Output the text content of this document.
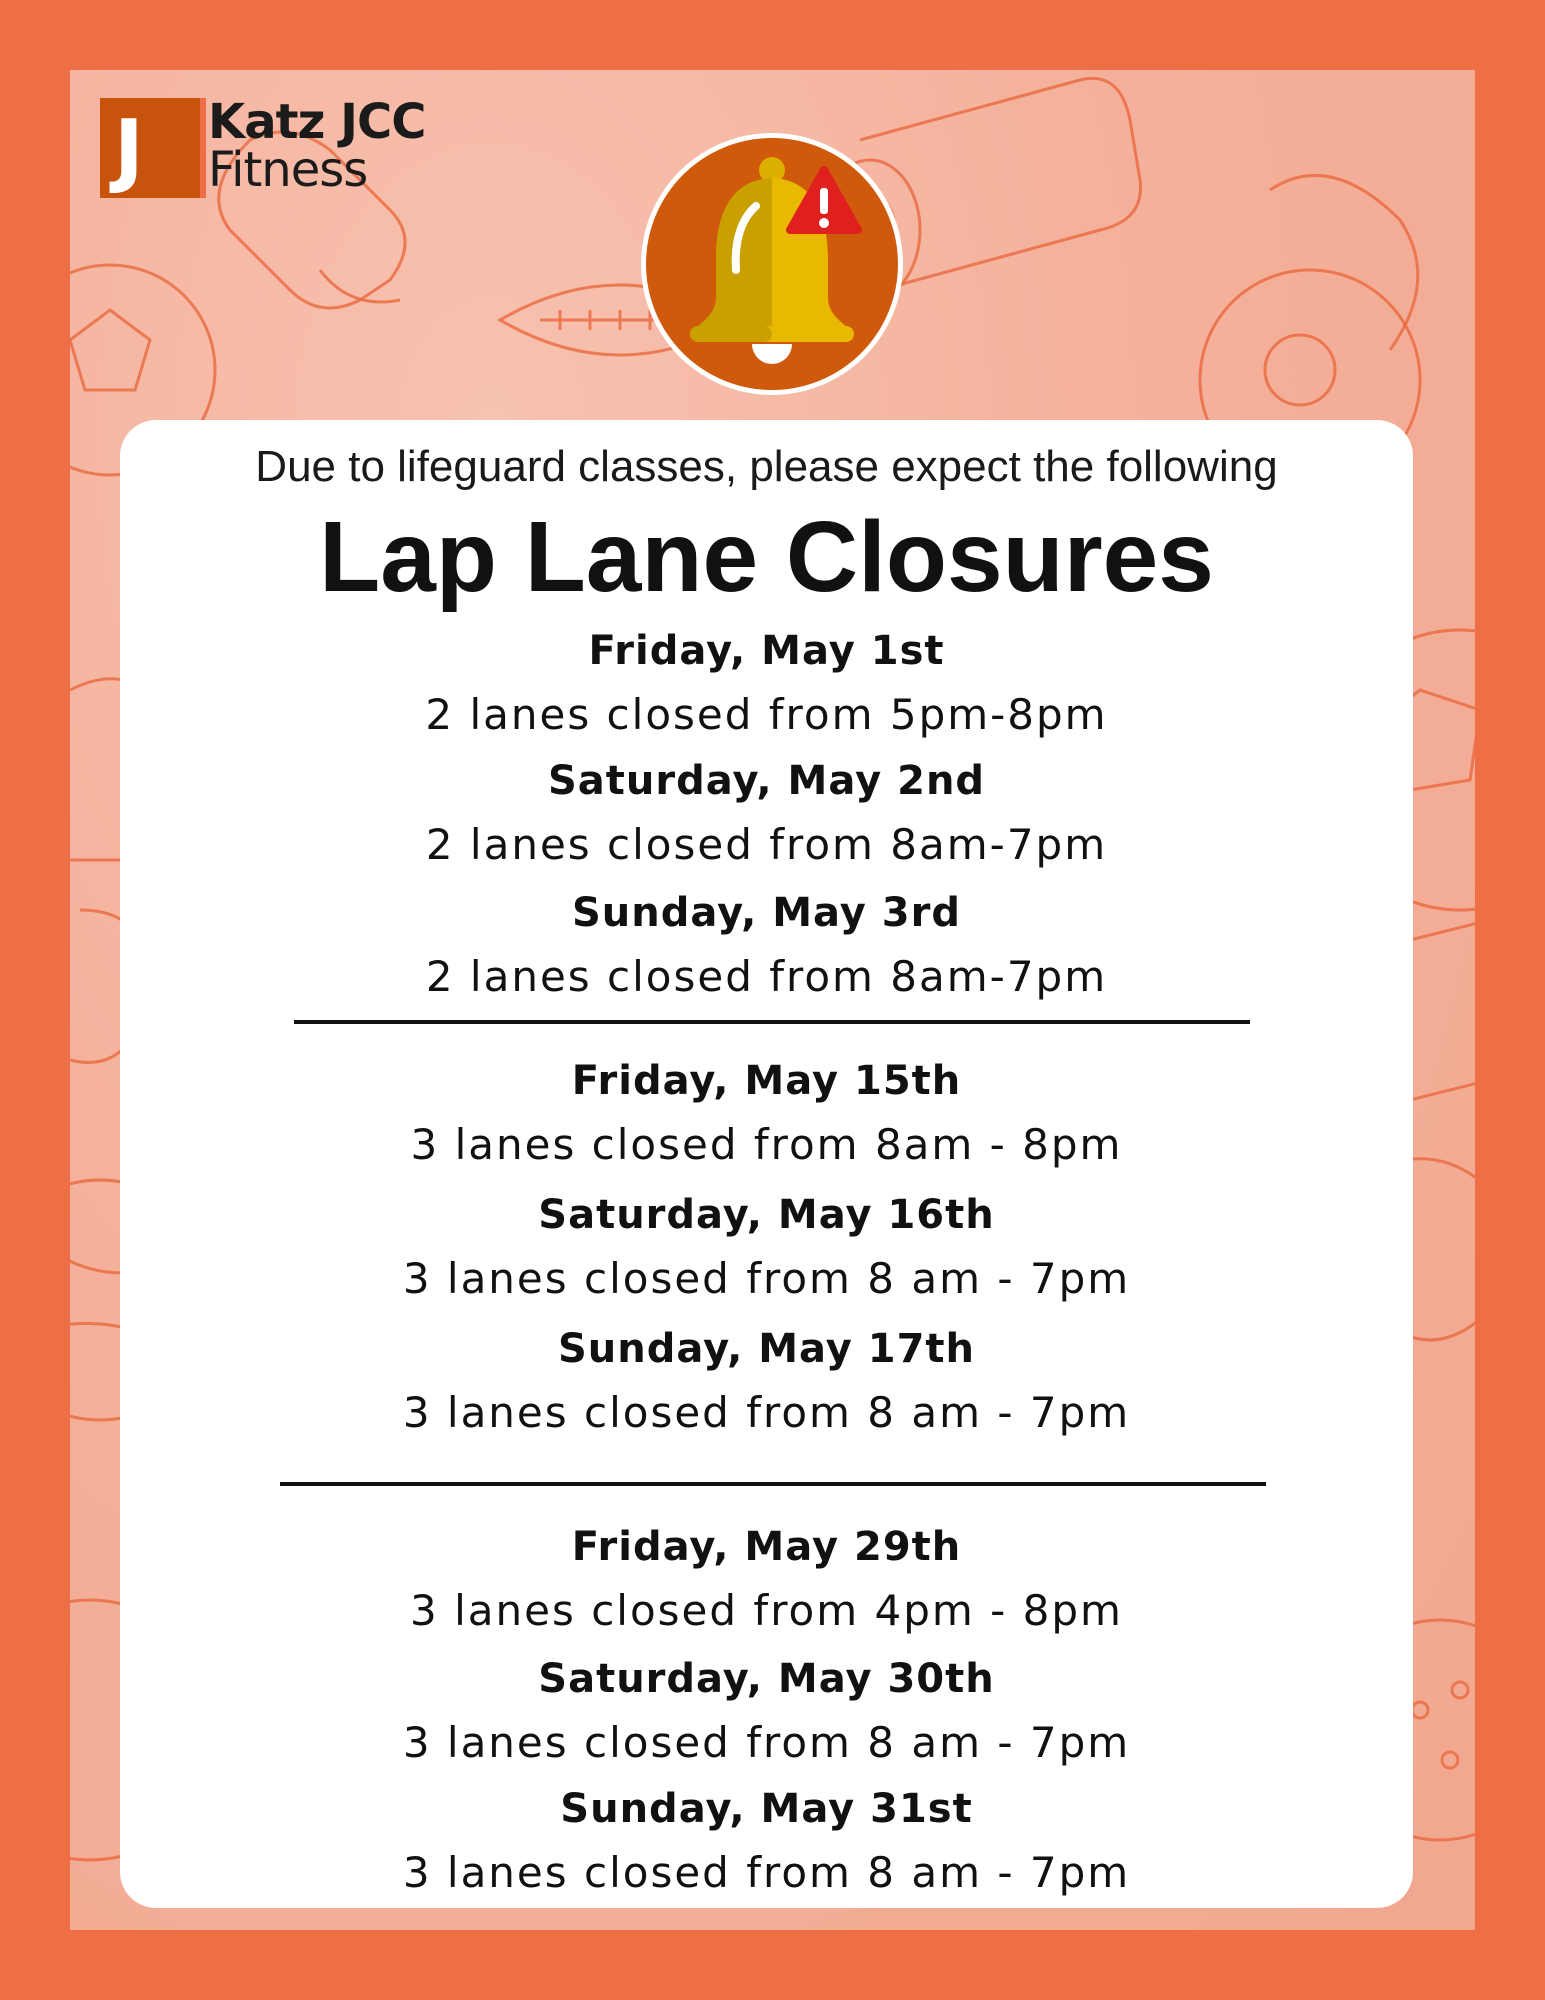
J Katz JCC
Fitness
Due to lifeguard classes, please expect the following
Lap Lane Closures
Friday, May 1st
2 lanes closed from 5pm-8pm
Saturday, May 2nd
2 lanes closed from 8am-7pm
Sunday, May 3rd
2 lanes closed from 8am-7pm
Friday, May 15th
3 lanes closed from 8am - 8pm
Saturday, May 16th
3 lanes closed from 8 am - 7pm
Sunday, May 17th
3 lanes closed from 8 am - 7pm
Friday, May 29th
3 lanes closed from 4pm - 8pm
Saturday, May 30th
3 lanes closed from 8 am - 7pm
Sunday, May 31st
3 lanes closed from 8 am - 7pm
